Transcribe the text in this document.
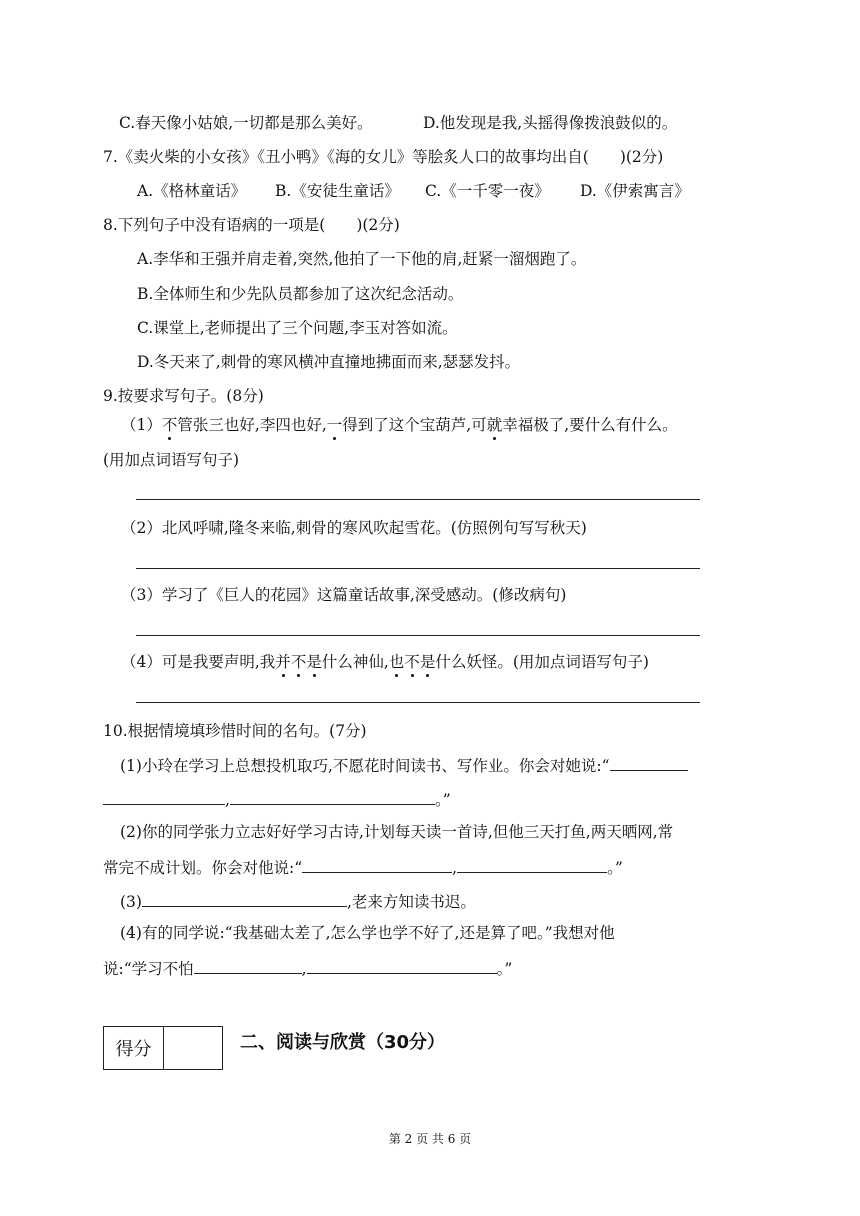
C.春天像小姑娘,一切都是那么美好。	D.他发现是我,头摇得像拨浪鼓似的。
7.《卖火柴的小女孩》《丑小鸭》《海的女儿》等脍炙人口的故事均出自(　　)(2分)
A.《格林童话》 B.《安徒生童话》 C.《一千零一夜》 D.《伊索寓言》
8.下列句子中没有语病的一项是(　　)(2分)
A.李华和王强并肩走着,突然,他拍了一下他的肩,赶紧一溜烟跑了。
B.全体师生和少先队员都参加了这次纪念活动。
C.课堂上,老师提出了三个问题,李玉对答如流。
D.冬天来了,刺骨的寒风横冲直撞地拂面而来,瑟瑟发抖。
9.按要求写句子。(8分)
（1）不管张三也好,李四也好,一得到了这个宝葫芦,可就幸福极了,要什么有什么。
(用加点词语写句子)
（2）北风呼啸,隆冬来临,刺骨的寒风吹起雪花。(仿照例句写写秋天)
（3）学习了《巨人的花园》这篇童话故事,深受感动。(修改病句)
（4）可是我要声明,我并不是什么神仙,也不是什么妖怪。(用加点词语写句子)
10.根据情境填珍惜时间的名句。(7分)
(1)小玲在学习上总想投机取巧,不愿花时间读书、写作业。你会对她说:“
,	。”
(2)你的同学张力立志好好学习古诗,计划每天读一首诗,但他三天打鱼,两天晒网,常
常完不成计划。你会对他说:“	,	。”
(3)	,老来方知读书迟。
(4)有的同学说:“我基础太差了,怎么学也学不好了,还是算了吧。”我想对他
说:“学习不怕	,	。”
得分	二、阅读与欣赏（30分）
第 2 页 共 6 页
